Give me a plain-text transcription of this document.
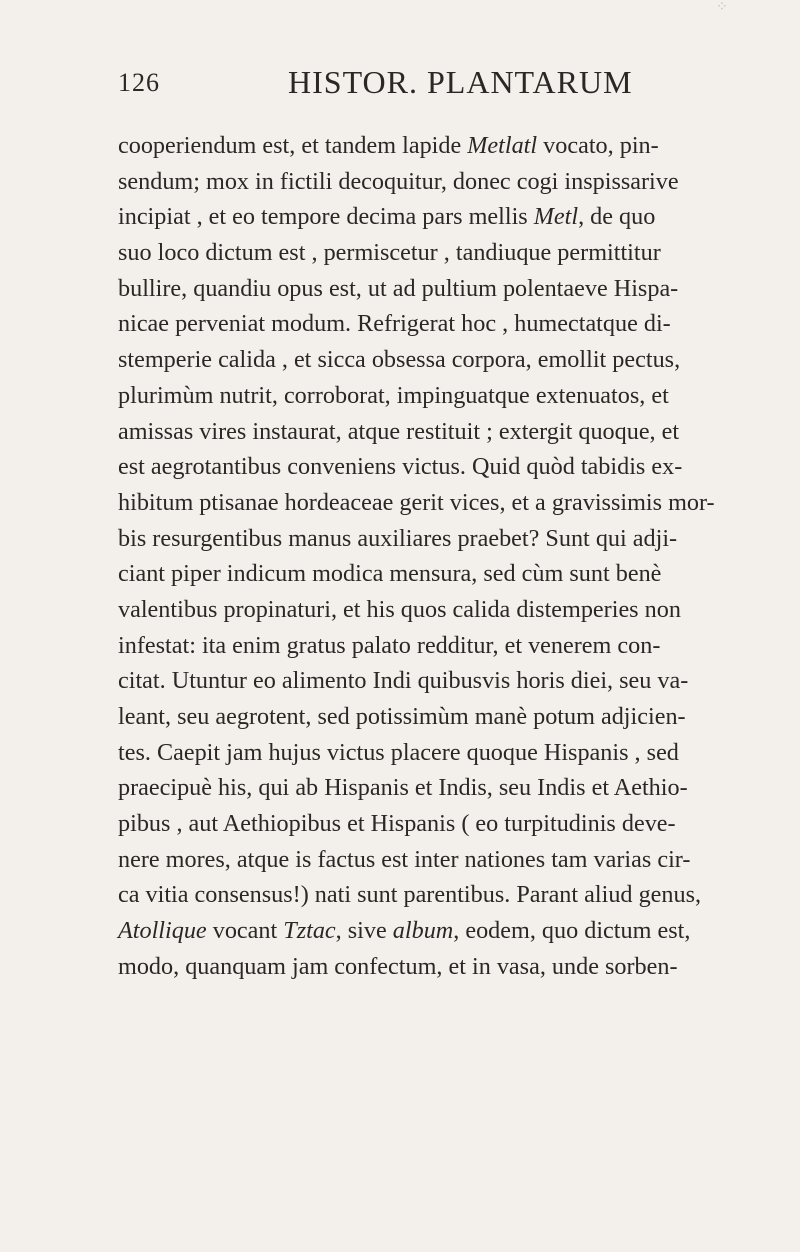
⁘
126	HISTOR. PLANTARUM
cooperiendum est, et tandem lapide Metlatl vocato, pin-
sendum; mox in fictili decoquitur, donec cogi inspissarive
incipiat , et eo tempore decima pars mellis Metl, de quo
suo loco dictum est , permiscetur , tandiuque permittitur
bullire, quandiu opus est, ut ad pultium polentaeve Hispa-
nicae perveniat modum. Refrigerat hoc , humectatque di-
stemperie calida , et sicca obsessa corpora, emollit pectus,
plurimùm nutrit, corroborat, impinguatque extenuatos, et
amissas vires instaurat, atque restituit ; extergit quoque, et
est aegrotantibus conveniens victus. Quid quòd tabidis ex-
hibitum ptisanae hordeaceae gerit vices, et a gravissimis mor-
bis resurgentibus manus auxiliares praebet? Sunt qui adji-
ciant piper indicum modica mensura, sed cùm sunt benè
valentibus propinaturi, et his quos calida distemperies non
infestat: ita enim gratus palato redditur, et venerem con-
citat. Utuntur eo alimento Indi quibusvis horis diei, seu va-
leant, seu aegrotent, sed potissimùm manè potum adjicien-
tes. Caepit jam hujus victus placere quoque Hispanis , sed
praecipuè his, qui ab Hispanis et Indis, seu Indis et Aethio-
pibus , aut Aethiopibus et Hispanis ( eo turpitudinis deve-
nere mores, atque is factus est inter nationes tam varias cir-
ca vitia consensus!) nati sunt parentibus. Parant aliud genus,
Atollique vocant Tztac, sive album, eodem, quo dictum est,
modo, quanquam jam confectum, et in vasa, unde sorben-
